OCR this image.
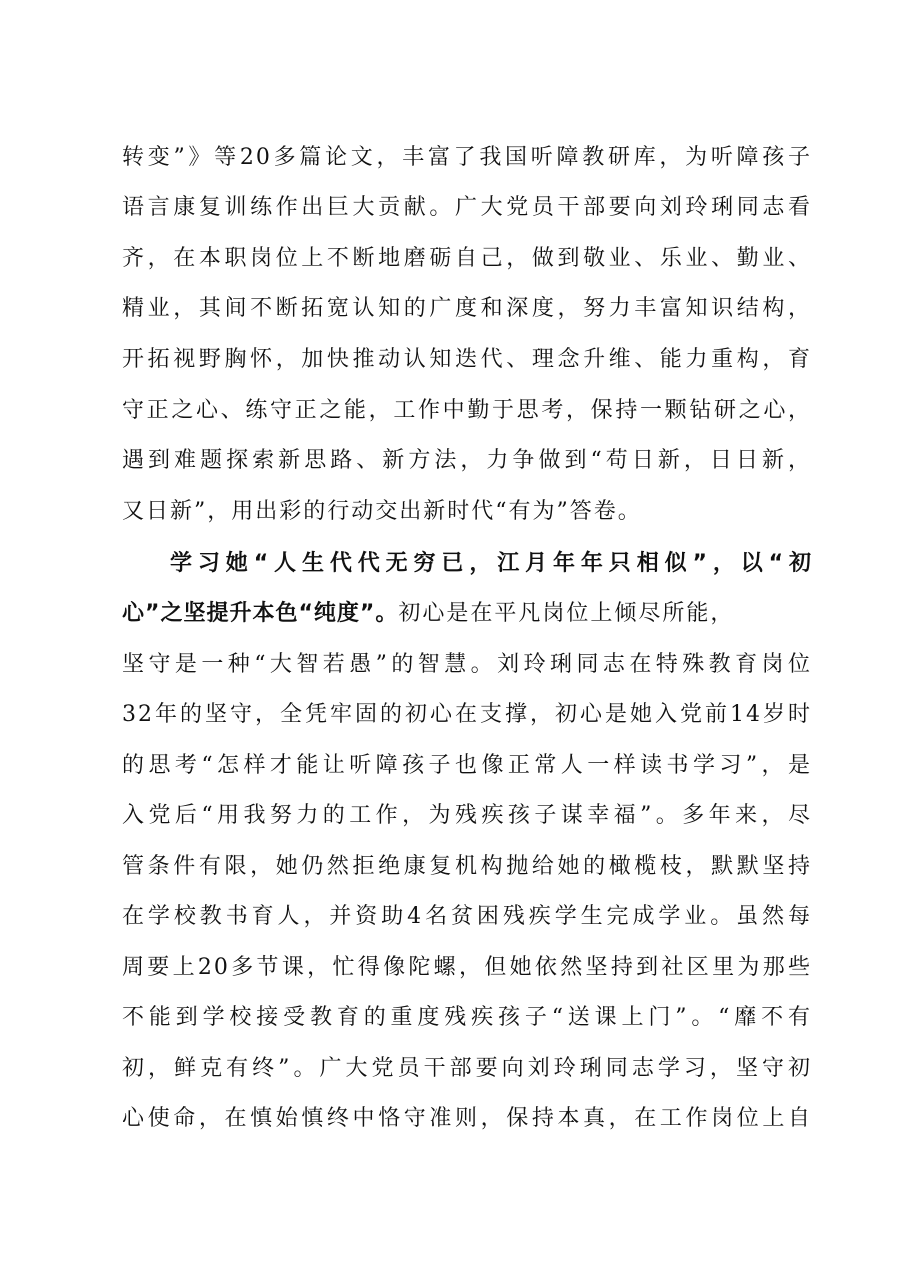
转变”》等20多篇论文，丰富了我国听障教研库，为听障孩子
语言康复训练作出巨大贡献。广大党员干部要向刘玲琍同志看
齐，在本职岗位上不断地磨砺自己，做到敬业、乐业、勤业、
精业，其间不断拓宽认知的广度和深度，努力丰富知识结构，
开拓视野胸怀，加快推动认知迭代、理念升维、能力重构，育
守正之心、练守正之能，工作中勤于思考，保持一颗钻研之心，
遇到难题探索新思路、新方法，力争做到“苟日新，日日新，
又日新”，用出彩的行动交出新时代“有为”答卷。
学习她“人生代代无穷已，江月年年只相似”，以“初
心”之坚提升本色“纯度”。初心是在平凡岗位上倾尽所能，
坚守是一种“大智若愚”的智慧。刘玲琍同志在特殊教育岗位
32年的坚守，全凭牢固的初心在支撑，初心是她入党前14岁时
的思考“怎样才能让听障孩子也像正常人一样读书学习”，是
入党后“用我努力的工作，为残疾孩子谋幸福”。多年来，尽
管条件有限，她仍然拒绝康复机构抛给她的橄榄枝，默默坚持
在学校教书育人，并资助4名贫困残疾学生完成学业。虽然每
周要上20多节课，忙得像陀螺，但她依然坚持到社区里为那些
不能到学校接受教育的重度残疾孩子“送课上门”。“靡不有
初，鲜克有终”。广大党员干部要向刘玲琍同志学习，坚守初
心使命，在慎始慎终中恪守准则，保持本真，在工作岗位上自
